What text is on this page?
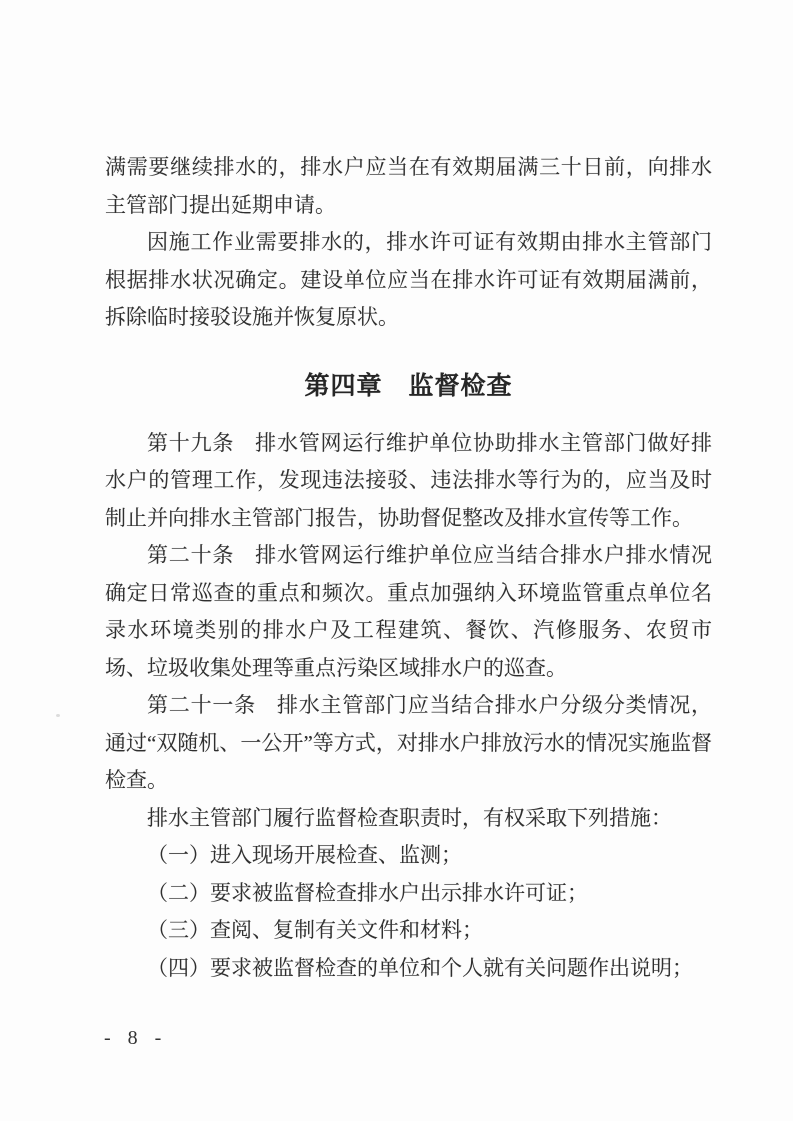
满需要继续排水的，排水户应当在有效期届满三十日前，向排水主管部门提出延期申请。

因施工作业需要排水的，排水许可证有效期由排水主管部门根据排水状况确定。建设单位应当在排水许可证有效期届满前，拆除临时接驳设施并恢复原状。

第四章　监督检查

第十九条 排水管网运行维护单位协助排水主管部门做好排水户的管理工作，发现违法接驳、违法排水等行为的，应当及时制止并向排水主管部门报告，协助督促整改及排水宣传等工作。

第二十条 排水管网运行维护单位应当结合排水户排水情况确定日常巡查的重点和频次。重点加强纳入环境监管重点单位名录水环境类别的排水户及工程建筑、餐饮、汽修服务、农贸市场、垃圾收集处理等重点污染区域排水户的巡查。

第二十一条 排水主管部门应当结合排水户分级分类情况，通过“双随机、一公开”等方式，对排水户排放污水的情况实施监督检查。

排水主管部门履行监督检查职责时，有权采取下列措施：

（一）进入现场开展检查、监测；

（二）要求被监督检查排水户出示排水许可证；

（三）查阅、复制有关文件和材料；

（四）要求被监督检查的单位和个人就有关问题作出说明；

- 8 -
